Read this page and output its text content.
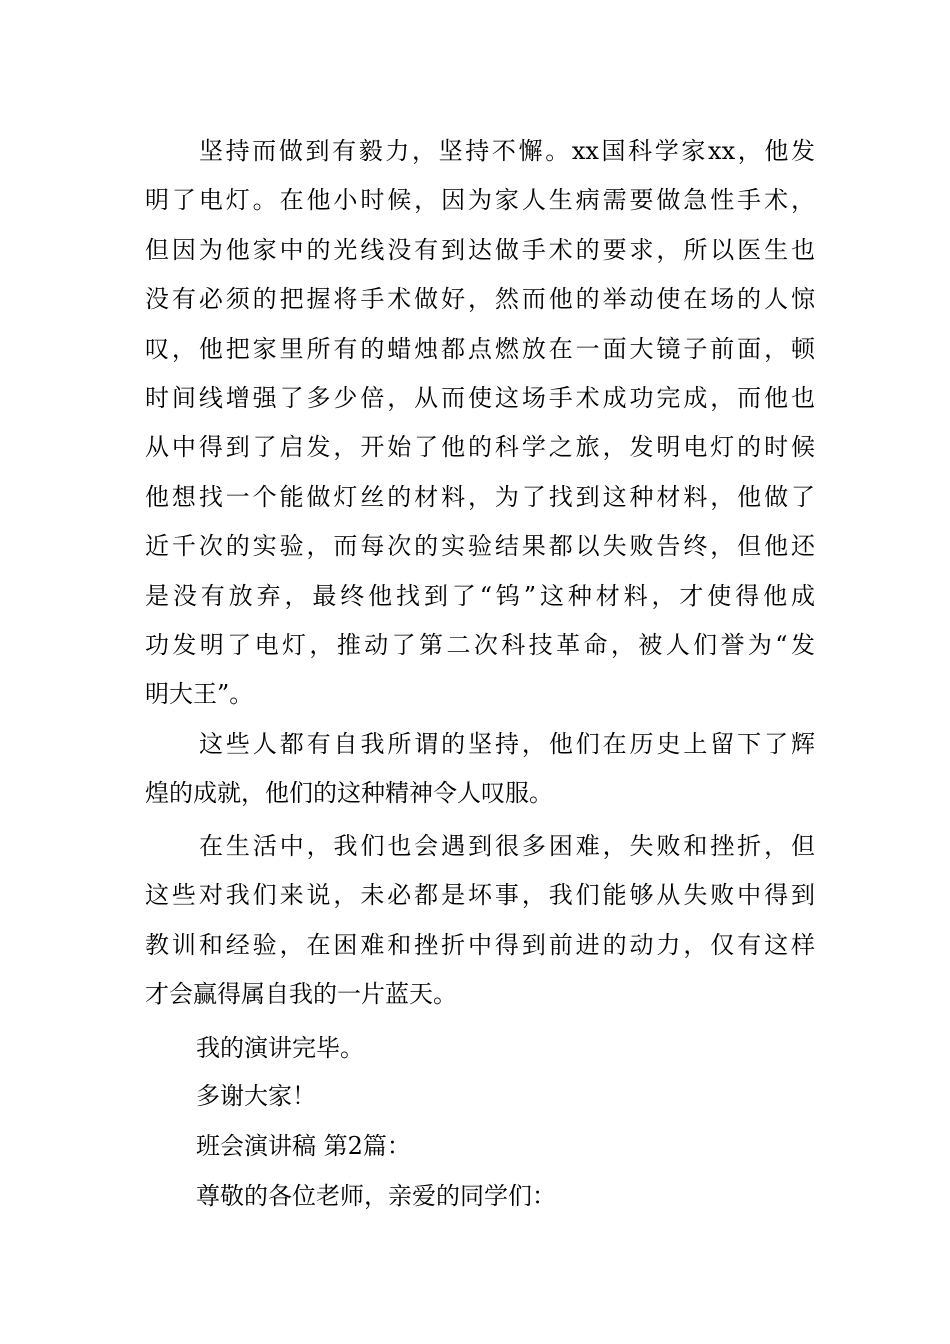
坚持而做到有毅力，坚持不懈。xx国科学家xx，他发
明了电灯。在他小时候，因为家人生病需要做急性手术，
但因为他家中的光线没有到达做手术的要求，所以医生也
没有必须的把握将手术做好，然而他的举动使在场的人惊
叹，他把家里所有的蜡烛都点燃放在一面大镜子前面，顿
时间线增强了多少倍，从而使这场手术成功完成，而他也
从中得到了启发，开始了他的科学之旅，发明电灯的时候
他想找一个能做灯丝的材料，为了找到这种材料，他做了
近千次的实验，而每次的实验结果都以失败告终，但他还
是没有放弃，最终他找到了“钨”这种材料，才使得他成
功发明了电灯，推动了第二次科技革命，被人们誉为“发
明大王”。
这些人都有自我所谓的坚持，他们在历史上留下了辉
煌的成就，他们的这种精神令人叹服。
在生活中，我们也会遇到很多困难，失败和挫折，但
这些对我们来说，未必都是坏事，我们能够从失败中得到
教训和经验，在困难和挫折中得到前进的动力，仅有这样
才会赢得属自我的一片蓝天。

我的演讲完毕。

多谢大家！

班会演讲稿 第2篇：

尊敬的各位老师，亲爱的同学们：
